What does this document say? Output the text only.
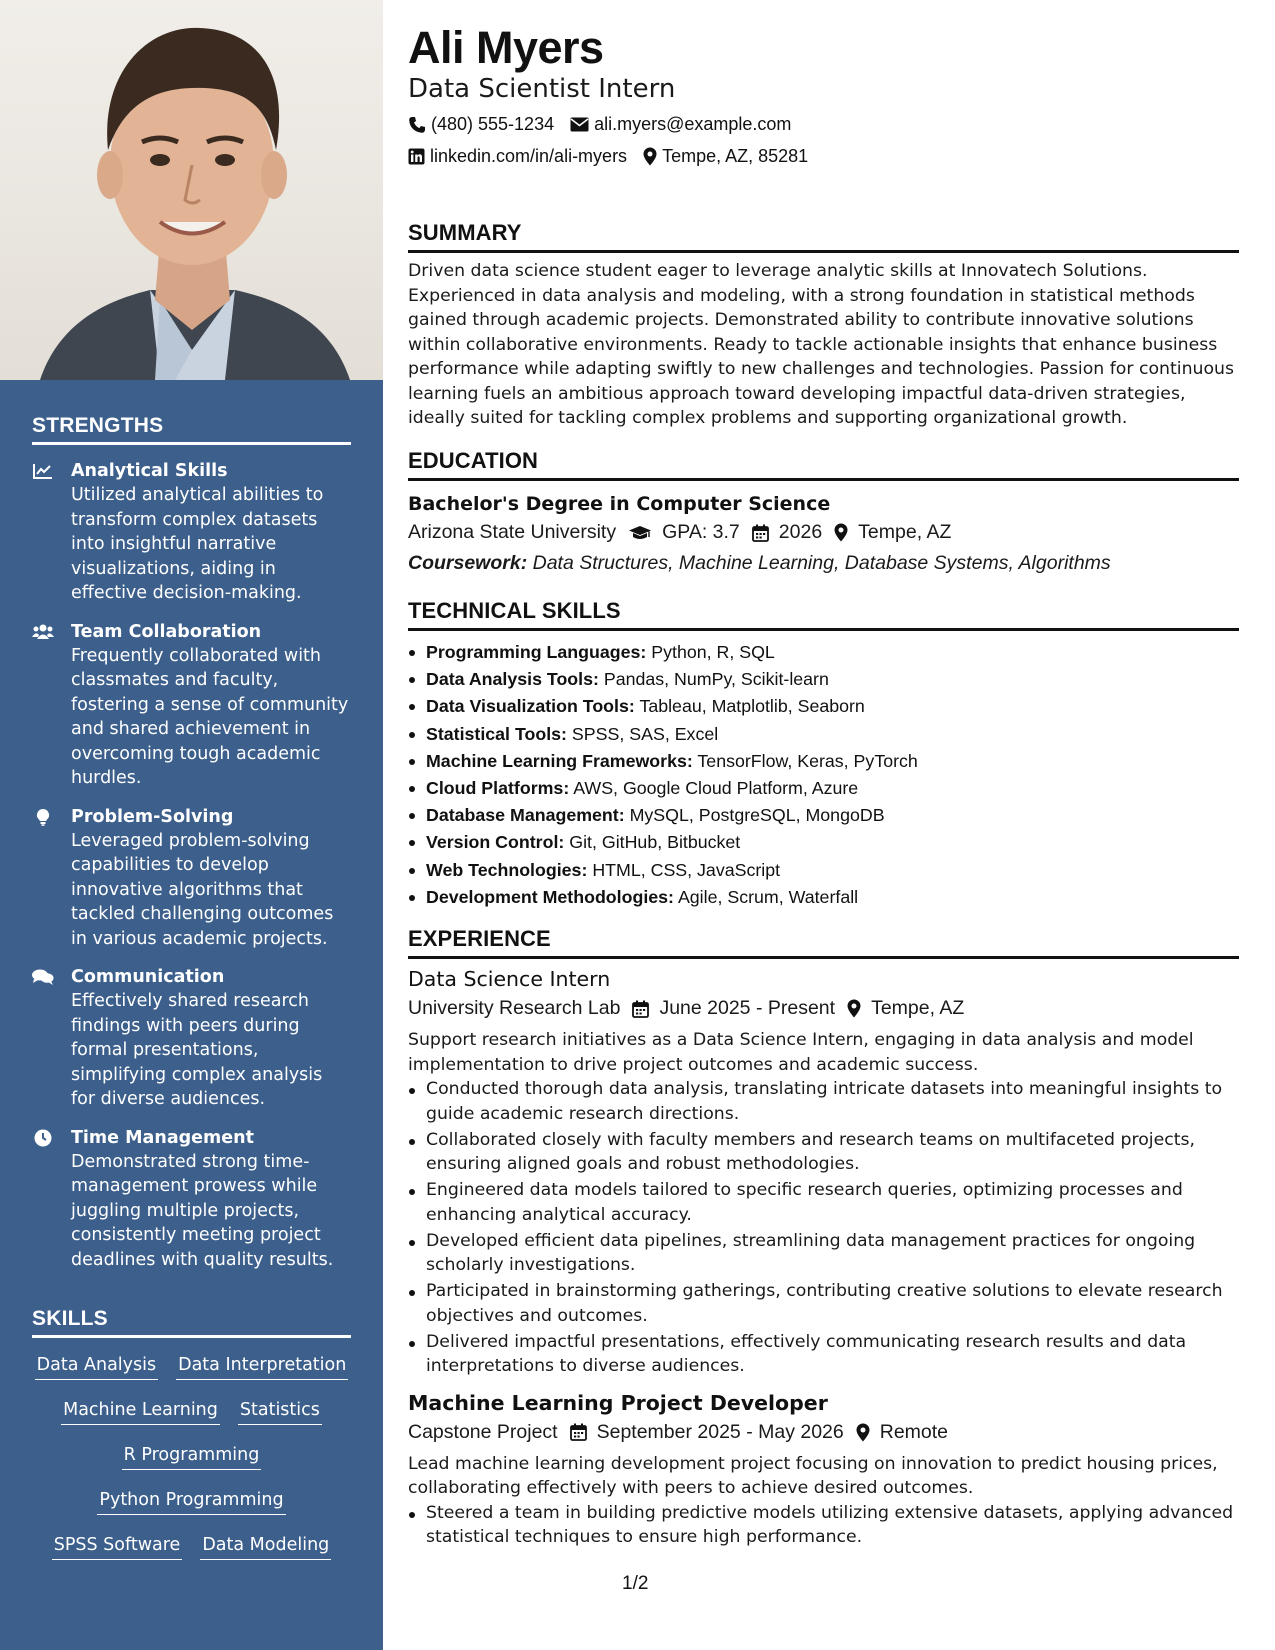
STRENGTHS
Analytical Skills
Utilized analytical abilities to transform complex datasets into insightful narrative visualizations, aiding in effective decision-making.
Team Collaboration
Frequently collaborated with classmates and faculty, fostering a sense of community and shared achievement in overcoming tough academic hurdles.
Problem-Solving
Leveraged problem-solving capabilities to develop innovative algorithms that tackled challenging outcomes in various academic projects.
Communication
Effectively shared research findings with peers during formal presentations, simplifying complex analysis for diverse audiences.
Time Management
Demonstrated strong time-management prowess while juggling multiple projects, consistently meeting project deadlines with quality results.
SKILLS
Data Analysis Data Interpretation
Machine Learning Statistics
R Programming
Python Programming
SPSS Software Data Modeling
Ali Myers
Data Scientist Intern
(480) 555-1234 ali.myers@example.com
linkedin.com/in/ali-myers Tempe, AZ, 85281
SUMMARY

Driven data science student eager to leverage analytic skills at Innovatech Solutions. Experienced in data analysis and modeling, with a strong foundation in statistical methods gained through academic projects. Demonstrated ability to contribute innovative solutions within collaborative environments. Ready to tackle actionable insights that enhance business performance while adapting swiftly to new challenges and technologies. Passion for continuous learning fuels an ambitious approach toward developing impactful data-driven strategies, ideally suited for tackling complex problems and supporting organizational growth.

EDUCATION
Bachelor's Degree in Computer Science
Arizona State University GPA: 3.7 2026 Tempe, AZ
Coursework: Data Structures, Machine Learning, Database Systems, Algorithms
TECHNICAL SKILLS
Programming Languages: Python, R, SQL
Data Analysis Tools: Pandas, NumPy, Scikit-learn
Data Visualization Tools: Tableau, Matplotlib, Seaborn
Statistical Tools: SPSS, SAS, Excel
Machine Learning Frameworks: TensorFlow, Keras, PyTorch
Cloud Platforms: AWS, Google Cloud Platform, Azure
Database Management: MySQL, PostgreSQL, MongoDB
Version Control: Git, GitHub, Bitbucket
Web Technologies: HTML, CSS, JavaScript
Development Methodologies: Agile, Scrum, Waterfall
EXPERIENCE
Data Science Intern
University Research Lab June 2025 - Present Tempe, AZ
Support research initiatives as a Data Science Intern, engaging in data analysis and model implementation to drive project outcomes and academic success.
Conducted thorough data analysis, translating intricate datasets into meaningful insights to guide academic research directions.
Collaborated closely with faculty members and research teams on multifaceted projects, ensuring aligned goals and robust methodologies.
Engineered data models tailored to specific research queries, optimizing processes and enhancing analytical accuracy.
Developed efficient data pipelines, streamlining data management practices for ongoing scholarly investigations.
Participated in brainstorming gatherings, contributing creative solutions to elevate research objectives and outcomes.
Delivered impactful presentations, effectively communicating research results and data interpretations to diverse audiences.
Machine Learning Project Developer
Capstone Project September 2025 - May 2026 Remote
Lead machine learning development project focusing on innovation to predict housing prices, collaborating effectively with peers to achieve desired outcomes.
Steered a team in building predictive models utilizing extensive datasets, applying advanced statistical techniques to ensure high performance.
1/2
